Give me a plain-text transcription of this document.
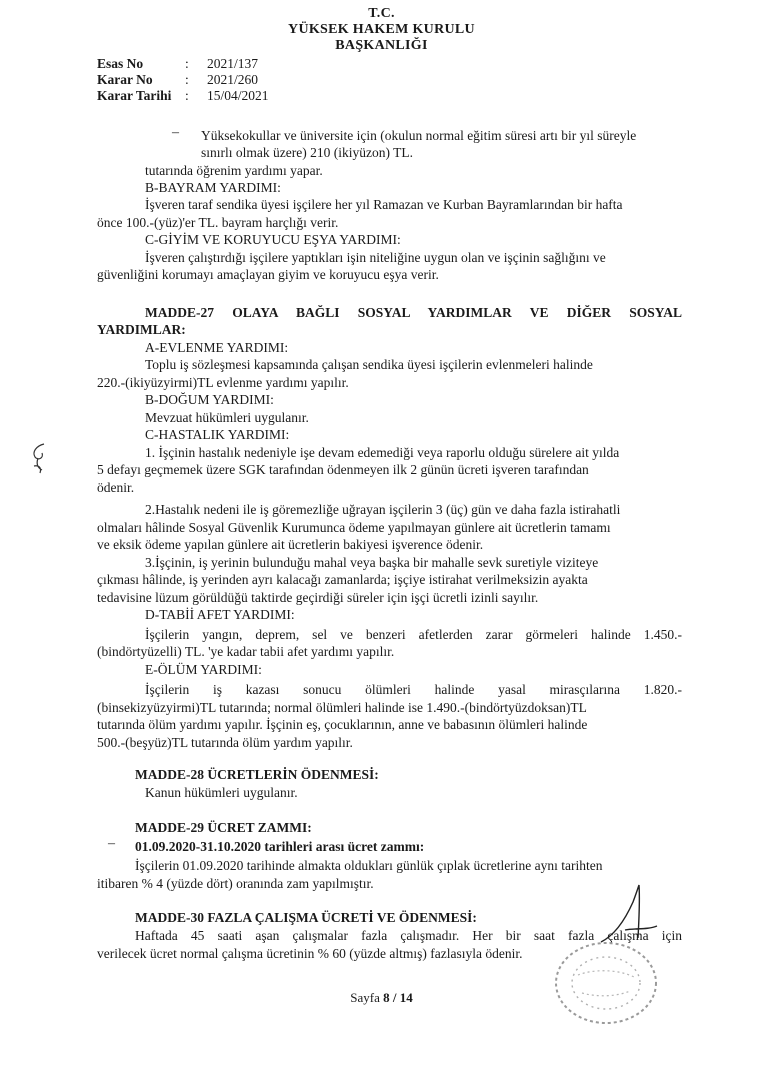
T.C.
YÜKSEK HAKEM KURULU
BAŞKANLIĞI
Esas No	:	2021/137
Karar No	:	2021/260
Karar Tarihi	:	15/04/2021
– Yüksekokullar ve üniversite için (okulun normal eğitim süresi artı bir yıl süreyle
sınırlı olmak üzere) 210 (ikiyüzon) TL.
tutarında öğrenim yardımı yapar.
B-BAYRAM YARDIMI:
İşveren taraf sendika üyesi işçilere her yıl Ramazan ve Kurban Bayramlarından bir hafta
önce 100.-(yüz)'er TL. bayram harçlığı verir.
C-GİYİM VE KORUYUCU EŞYA YARDIMI:
İşveren çalıştırdığı işçilere yaptıkları işin niteliğine uygun olan ve işçinin sağlığını ve
güvenliğini korumayı amaçlayan giyim ve koruyucu eşya verir.
MADDE-27 OLAYA BAĞLI SOSYAL YARDIMLAR VE DİĞER SOSYAL
YARDIMLAR:
A-EVLENME YARDIMI:
Toplu iş sözleşmesi kapsamında çalışan sendika üyesi işçilerin evlenmeleri halinde
220.-(ikiyüzyirmi)TL evlenme yardımı yapılır.
B-DOĞUM YARDIMI:
Mevzuat hükümleri uygulanır.
C-HASTALIK YARDIMI:
1. İşçinin hastalık nedeniyle işe devam edemediği veya raporlu olduğu sürelere ait yılda
5 defayı geçmemek üzere SGK tarafından ödenmeyen ilk 2 günün ücreti işveren tarafından
ödenir.
2.Hastalık nedeni ile iş göremezliğe uğrayan işçilerin 3 (üç) gün ve daha fazla istirahatli
olmaları hâlinde Sosyal Güvenlik Kurumunca ödeme yapılmayan günlere ait ücretlerin tamamı
ve eksik ödeme yapılan günlere ait ücretlerin bakiyesi işverence ödenir.
3.İşçinin, iş yerinin bulunduğu mahal veya başka bir mahalle sevk suretiyle viziteye
çıkması hâlinde, iş yerinden ayrı kalacağı zamanlarda; işçiye istirahat verilmeksizin ayakta
tedavisine lüzum görüldüğü taktirde geçirdiği süreler için işçi ücretli izinli sayılır.
D-TABİİ AFET YARDIMI:
İşçilerin yangın, deprem, sel ve benzeri afetlerden zarar görmeleri halinde 1.450.-
(bindörtyüzelli) TL. 'ye kadar tabii afet yardımı yapılır.
E-ÖLÜM YARDIMI:
İşçilerin iş kazası sonucu ölümleri halinde yasal mirasçılarına 1.820.-
(binsekizyüzyirmi)TL tutarında; normal ölümleri halinde ise 1.490.-(bindörtyüzdoksan)TL
tutarında ölüm yardımı yapılır. İşçinin eş, çocuklarının, anne ve babasının ölümleri halinde
500.-(beşyüz)TL tutarında ölüm yardım yapılır.
MADDE-28 ÜCRETLERİN ÖDENMESİ:
Kanun hükümleri uygulanır.
MADDE-29 ÜCRET ZAMMI:
– 01.09.2020-31.10.2020 tarihleri arası ücret zammı:
İşçilerin 01.09.2020 tarihinde almakta oldukları günlük çıplak ücretlerine aynı tarihten
itibaren % 4 (yüzde dört) oranında zam yapılmıştır.
MADDE-30 FAZLA ÇALIŞMA ÜCRETİ VE ÖDENMESİ:
Haftada 45 saati aşan çalışmalar fazla çalışmadır. Her bir saat fazla çalışma için
verilecek ücret normal çalışma ücretinin % 60 (yüzde altmış) fazlasıyla ödenir.
Sayfa 8 / 14
